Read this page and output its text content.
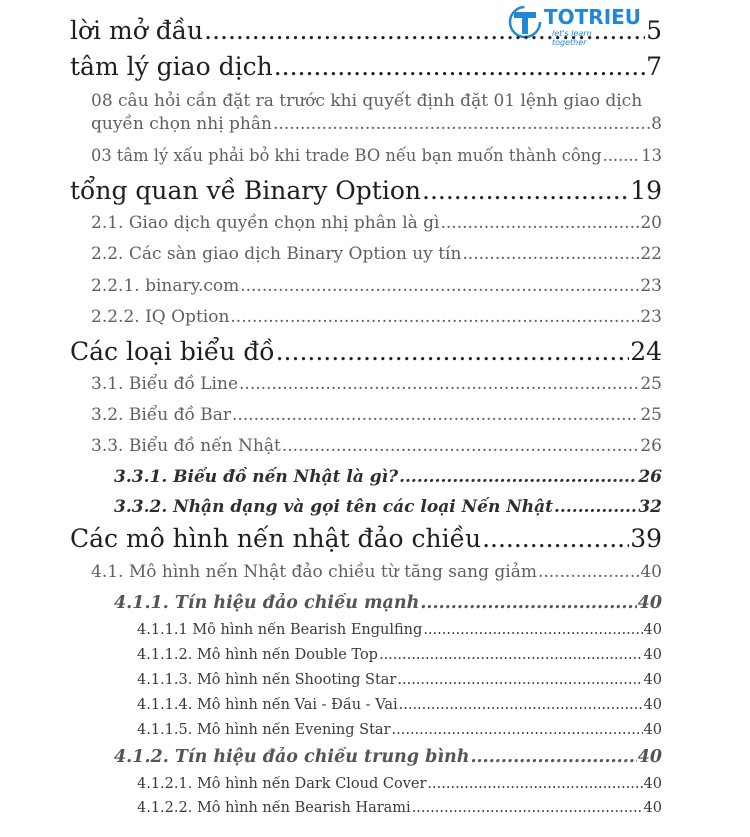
TOTRIEU
let's learn together
lời mở đầu .....	5
tâm lý giao dịch .....	7
08 câu hỏi cần đặt ra trước khi quyết định đặt 01 lệnh giao dịch
quyền chọn nhị phân .....	8
03 tâm lý xấu phải bỏ khi trade BO nếu bạn muốn thành công ..... 13
tổng quan về Binary Option .....	19
2.1. Giao dịch quyền chọn nhị phân là gì .....	20
2.2. Các sàn giao dịch Binary Option uy tín .....	22
2.2.1. binary.com .....	23
2.2.2. IQ Option .....	23
Các loại biểu đồ .....	24
3.1. Biểu đồ Line .....	25
3.2. Biểu đồ Bar .....	25
3.3. Biểu đồ nến Nhật .....	26
3.3.1. Biểu đồ nến Nhật là gì? .....	26
3.3.2. Nhận dạng và gọi tên các loại Nến Nhật .....	32
Các mô hình nến nhật đảo chiều .....	39
4.1. Mô hình nến Nhật đảo chiều từ tăng sang giảm .....	40
4.1.1. Tín hiệu đảo chiều mạnh .....	40
4.1.1.1 Mô hình nến Bearish Engulfing .....	40
4.1.1.2. Mô hình nến Double Top .....	40
4.1.1.3. Mô hình nến Shooting Star .....	40
4.1.1.4. Mô hình nến Vai - Đầu - Vai .....	40
4.1.1.5. Mô hình nến Evening Star .....	40
4.1.2. Tín hiệu đảo chiều trung bình .....	40
4.1.2.1. Mô hình nến Dark Cloud Cover .....	40
4.1.2.2. Mô hình nến Bearish Harami .....	40
